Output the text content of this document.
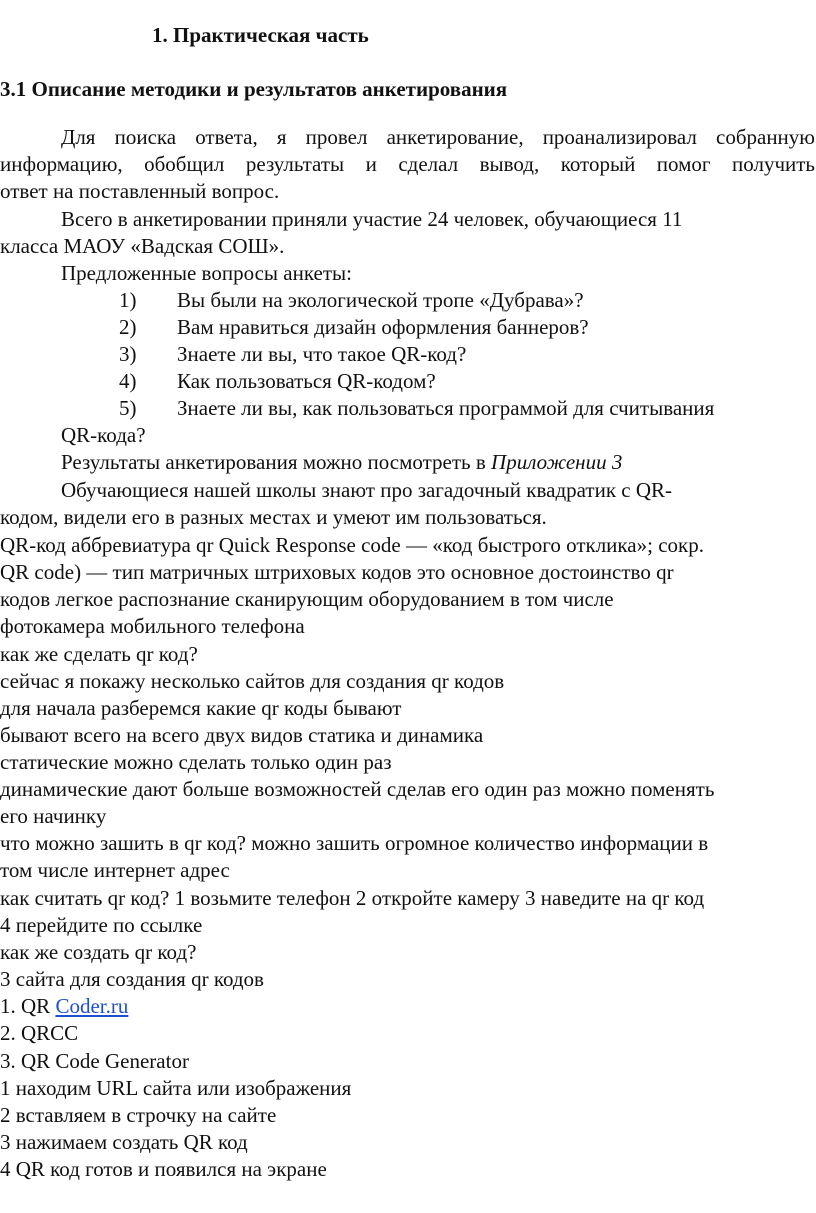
1. Практическая часть
3.1 Описание методики и результатов анкетирования
Для поиска ответа, я провел анкетирование, проанализировал собранную
информацию, обобщил результаты и сделал вывод, который помог получить
ответ на поставленный вопрос.
Всего в анкетировании приняли участие 24 человек, обучающиеся 11
класса МАОУ «Вадская СОШ».
Предложенные вопросы анкеты:
1) Вы были на экологической тропе «Дубрава»?
2) Вам нравиться дизайн оформления баннеров?
3) Знаете ли вы, что такое QR-код?
4) Как пользоваться QR-кодом?
5) Знаете ли вы, как пользоваться программой для считывания
QR-кода?
Результаты анкетирования можно посмотреть в Приложении 3
Обучающиеся нашей школы знают про загадочный квадратик с QR-
кодом, видели его в разных местах и умеют им пользоваться.
QR-код аббревиатура qr Quick Response code — «код быстрого отклика»; сокр.
QR code) — тип матричных штриховых кодов это основное достоинство qr
кодов легкое распознание сканирующим оборудованием в том числе
фотокамера мобильного телефона
как же сделать qr код?
сейчас я покажу несколько сайтов для создания qr кодов
для начала разберемся какие qr коды бывают
бывают всего на всего двух видов статика и динамика
статические можно сделать только один раз
динамические дают больше возможностей сделав его один раз можно поменять
его начинку
что можно зашить в qr код? можно зашить огромное количество информации в
том числе интернет адрес
как считать qr код? 1 возьмите телефон 2 откройте камеру 3 наведите на qr код
4 перейдите по ссылке
как же создать qr код?
3 сайта для создания qr кодов
1. QR Coder.ru
2. QRCC
3. QR Code Generator
1 находим URL сайта или изображения
2 вставляем в строчку на сайте
3 нажимаем создать QR код
4 QR код готов и появился на экране
